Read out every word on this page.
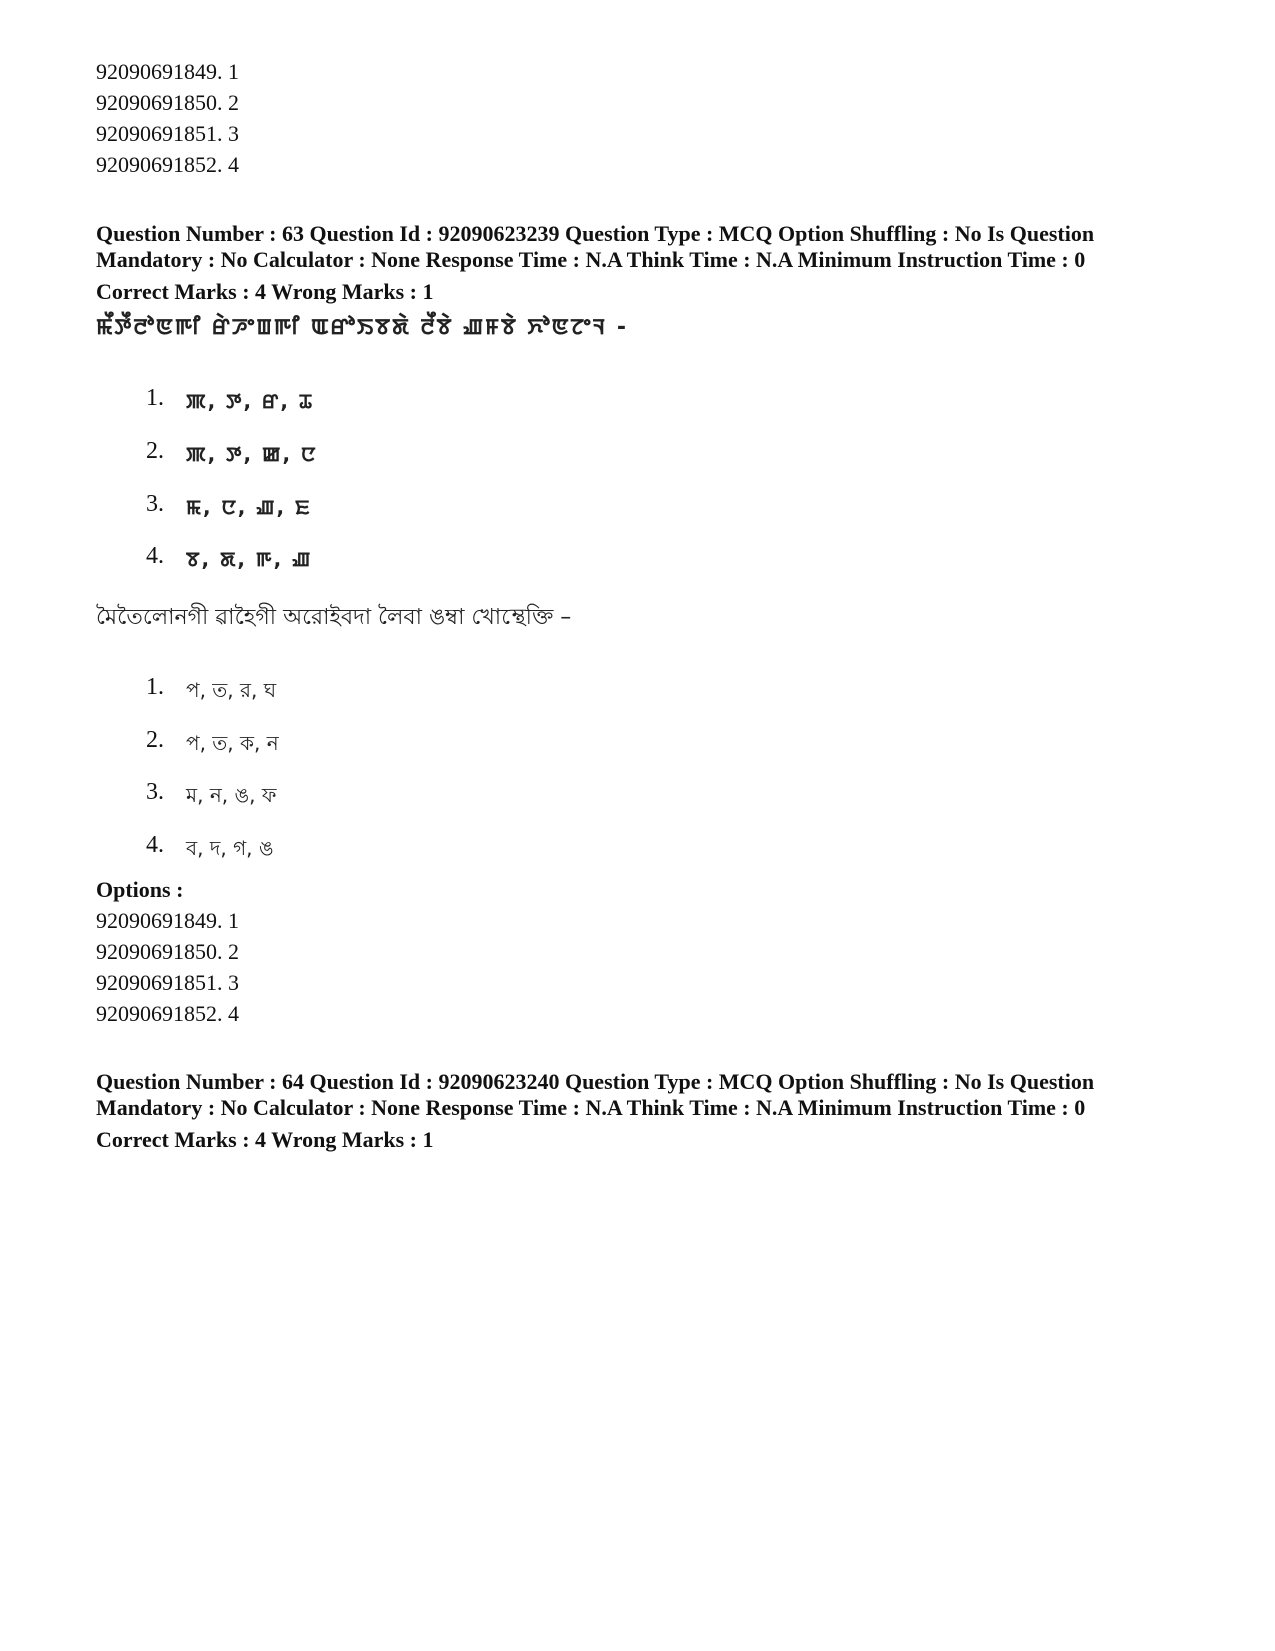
92090691849. 1
92090691850. 2
92090691851. 3
92090691852. 4
Question Number : 63 Question Id : 92090623239 Question Type : MCQ Option Shuffling : No Is Question
Mandatory : No Calculator : None Response Time : N.A Think Time : N.A Minimum Instruction Time : 0
Correct Marks : 4 Wrong Marks : 1
ꯃꯩꯇꯩꯂꯣꯟꯒꯤ ꯔꯥꯍꯦꯡꯒꯤ ꯑꯔꯣꯏꯕꯗꯥ ꯂꯩꯕꯥ ꯉꯝꯕꯥ ꯈꯣꯟꯖꯦꯜ -
1.	ꯄ, ꯇ, ꯔ, ꯊ
2.	ꯄ, ꯇ, ꯀ, ꯅ
3.	ꯃ, ꯅ, ꯉ, ꯐ
4.	ꯕ, ꯗ, ꯒ, ꯉ
মৈতৈলোনগী ৱাহৈগী অরোইবদা লৈবা ঙম্বা খোম্থেক্তি –
1.	প, ত, র, ঘ
2.	প, ত, ক, ন
3.	ম, ন, ঙ, ফ
4.	ব, দ, গ, ঙ
Options :
92090691849. 1
92090691850. 2
92090691851. 3
92090691852. 4
Question Number : 64 Question Id : 92090623240 Question Type : MCQ Option Shuffling : No Is Question
Mandatory : No Calculator : None Response Time : N.A Think Time : N.A Minimum Instruction Time : 0
Correct Marks : 4 Wrong Marks : 1
